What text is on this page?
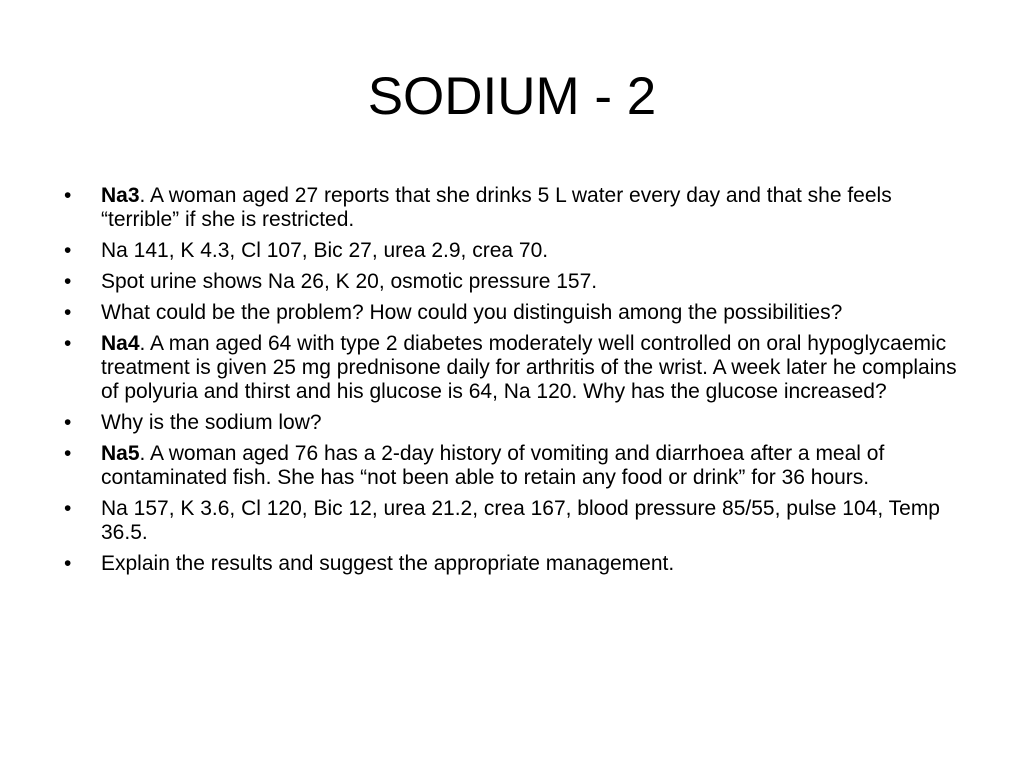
SODIUM - 2
•	Na3. A woman aged 27 reports that she drinks 5 L water every day and that she feels “terrible” if she is restricted.
•	Na 141, K 4.3, Cl 107, Bic 27, urea 2.9, crea 70.
•	Spot urine shows Na 26, K 20, osmotic pressure 157.
•	What could be the problem? How could you distinguish among the possibilities?
•	Na4. A man aged 64 with type 2 diabetes moderately well controlled on oral hypoglycaemic treatment is given 25 mg prednisone daily for arthritis of the wrist. A week later he complains of polyuria and thirst and his glucose is 64, Na 120. Why has the glucose increased?
•	Why is the sodium low?
•	Na5. A woman aged 76 has a 2-day history of vomiting and diarrhoea after a meal of contaminated fish. She has “not been able to retain any food or drink” for 36 hours.
•	Na 157, K 3.6, Cl 120, Bic 12, urea 21.2, crea 167, blood pressure 85/55, pulse 104, Temp 36.5.
•	Explain the results and suggest the appropriate management.
